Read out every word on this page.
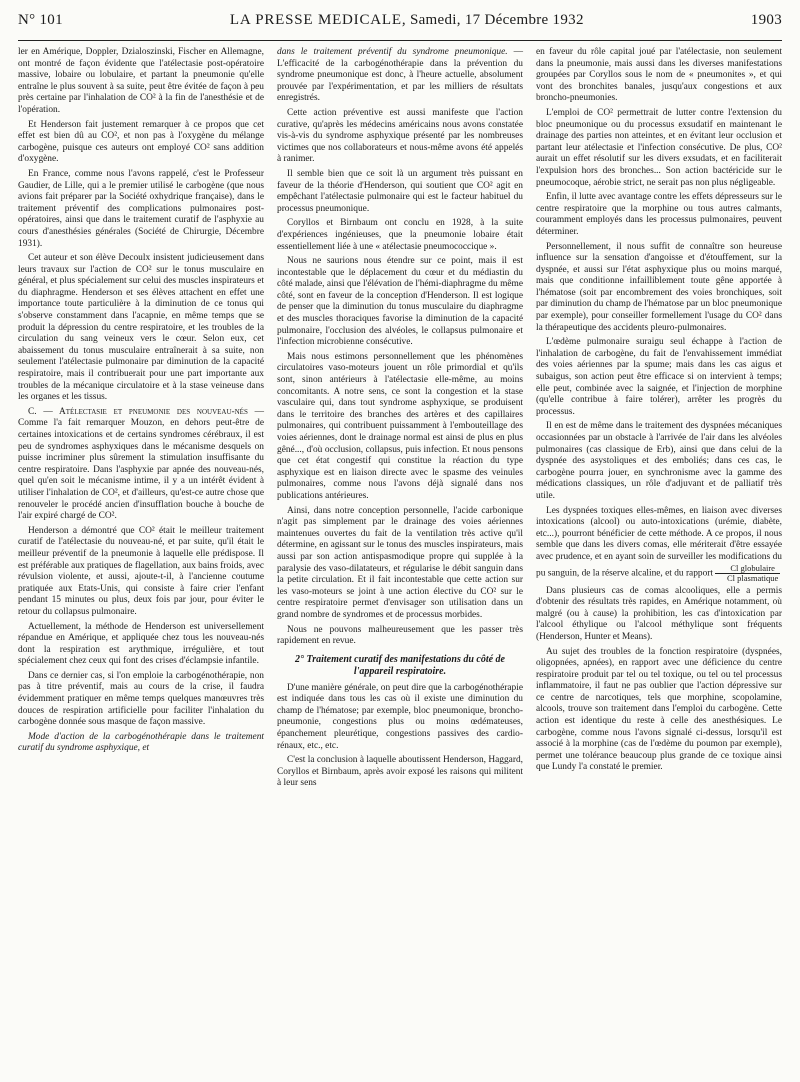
N° 101	LA PRESSE MEDICALE, Samedi, 17 Décembre 1932	1903

ler en Amérique, Doppler, Dzialoszinski, Fischer en Allemagne, ont montré de façon évidente que l'atélectasie post-opératoire massive, lobaire ou lobulaire, et partant la pneumonie qu'elle entraîne le plus souvent à sa suite, peut être évitée de façon à peu près certaine par l'inhalation de CO² à la fin de l'anesthésie et de l'opération.

Et Henderson fait justement remarquer à ce propos que cet effet est bien dû au CO², et non pas à l'oxygène du mélange carbogène, puisque ces auteurs ont employé CO² sans addition d'oxygène.

En France, comme nous l'avons rappelé, c'est le Professeur Gaudier, de Lille, qui a le premier utilisé le carbogène (que nous avions fait préparer par la Société oxhydrique française), dans le traitement préventif des complications pulmonaires post-opératoires, ainsi que dans le traitement curatif de l'asphyxie au cours d'anesthésies générales (Société de Chirurgie, Décembre 1931).

Cet auteur et son élève Decoulx insistent judicieusement dans leurs travaux sur l'action de CO² sur le tonus musculaire en général, et plus spécialement sur celui des muscles inspirateurs et du diaphragme. Henderson et ses élèves attachent en effet une importance toute particulière à la diminution de ce tonus qui s'observe constamment dans l'acapnie, en même temps que se produit la dépression du centre respiratoire, et les troubles de la circulation du sang veineux vers le cœur. Selon eux, cet abaissement du tonus musculaire entraînerait à sa suite, non seulement l'atélectasie pulmonaire par diminution de la capacité respiratoire, mais il contribuerait pour une part importante aux troubles de la mécanique circulatoire et à la stase veineuse dans les organes et les tissus.

C. — Atélectasie et pneumonie des nouveau-nés — Comme l'a fait remarquer Mouzon, en dehors peut-être de certaines intoxications et de certains syndromes cérébraux, il est peu de syndromes asphyxiques dans le mécanisme desquels on puisse incriminer plus sûrement la stimulation insuffisante du centre respiratoire. Dans l'asphyxie par apnée des nouveau-nés, quel qu'en soit le mécanisme intime, il y a un intérêt évident à utiliser l'inhalation de CO², et d'ailleurs, qu'est-ce autre chose que renouveler le procédé ancien d'insufflation bouche à bouche de l'air expiré chargé de CO².

Henderson a démontré que CO² était le meilleur traitement curatif de l'atélectasie du nouveau-né, et par suite, qu'il était le meilleur préventif de la pneumonie à laquelle elle prédispose. Il est préférable aux pratiques de flagellation, aux bains froids, avec révulsion violente, et aussi, ajoute-t-il, à l'ancienne coutume pratiquée aux Etats-Unis, qui consiste à faire crier l'enfant pendant 15 minutes ou plus, deux fois par jour, pour éviter le retour du collapsus pulmonaire.

Actuellement, la méthode de Henderson est universellement répandue en Amérique, et appliquée chez tous les nouveau-nés dont la respiration est arythmique, irrégulière, et tout spécialement chez ceux qui font des crises d'éclampsie infantile.

Dans ce dernier cas, si l'on emploie la carbogénothérapie, non pas à titre préventif, mais au cours de la crise, il faudra évidemment pratiquer en même temps quelques manœuvres très douces de respiration artificielle pour faciliter l'inhalation du carbogène donnée sous masque de façon massive.

Mode d'action de la carbogénothérapie dans le traitement curatif du syndrome asphyxique, et

dans le traitement préventif du syndrome pneumonique. — L'efficacité de la carbogénothérapie dans la prévention du syndrome pneumonique est donc, à l'heure actuelle, absolument prouvée par l'expérimentation, et par les milliers de résultats enregistrés.

Cette action préventive est aussi manifeste que l'action curative, qu'après les médecins américains nous avons constatée vis-à-vis du syndrome asphyxique présenté par les nombreuses victimes que nos collaborateurs et nous-même avons été appelés à ranimer.

Il semble bien que ce soit là un argument très puissant en faveur de la théorie d'Henderson, qui soutient que CO² agit en empêchant l'atélectasie pulmonaire qui est le facteur habituel du processus pneumonique.

Coryllos et Birnbaum ont conclu en 1928, à la suite d'expériences ingénieuses, que la pneumonie lobaire était essentiellement liée à une « atélectasie pneumococcique ».

Nous ne saurions nous étendre sur ce point, mais il est incontestable que le déplacement du cœur et du médiastin du côté malade, ainsi que l'élévation de l'hémi-diaphragme du même côté, sont en faveur de la conception d'Henderson. Il est logique de penser que la diminution du tonus musculaire du diaphragme et des muscles thoraciques favorise la diminution de la capacité pulmonaire, l'occlusion des alvéoles, le collapsus pulmonaire et l'infection microbienne consécutive.

Mais nous estimons personnellement que les phénomènes circulatoires vaso-moteurs jouent un rôle primordial et qu'ils sont, sinon antérieurs à l'atélectasie elle-même, au moins concomitants. A notre sens, ce sont la congestion et la stase vasculaire qui, dans tout syndrome asphyxique, se produisent dans le territoire des branches des artères et des capillaires pulmonaires, qui contribuent puissamment à l'embouteillage des voies aériennes, dont le drainage normal est ainsi de plus en plus gêné..., d'où occlusion, collapsus, puis infection. Et nous pensons que cet état congestif qui constitue la réaction du type asphyxique est en liaison directe avec le spasme des veinules pulmonaires, comme nous l'avons déjà signalé dans nos publications antérieures.

Ainsi, dans notre conception personnelle, l'acide carbonique n'agit pas simplement par le drainage des voies aériennes maintenues ouvertes du fait de la ventilation très active qu'il détermine, en agissant sur le tonus des muscles inspirateurs, mais aussi par son action antispasmodique propre qui supplée à la paralysie des vaso-dilatateurs, et régularise le débit sanguin dans la petite circulation. Et il fait incontestable que cette action sur les vaso-moteurs se joint à une action élective du CO² sur le centre respiratoire permet d'envisager son utilisation dans un grand nombre de syndromes et de processus morbides.

Nous ne pouvons malheureusement que les passer très rapidement en revue.

2° Traitement curatif des manifestations du côté de l'appareil respiratoire.

D'une manière générale, on peut dire que la carbogénothérapie est indiquée dans tous les cas où il existe une diminution du champ de l'hématose; par exemple, bloc pneumonique, broncho-pneumonie, congestions plus ou moins œdémateuses, épanchement pleurétique, congestions passives des cardio-rénaux, etc., etc.

C'est la conclusion à laquelle aboutissent Henderson, Haggard, Coryllos et Birnbaum, après avoir exposé les raisons qui militent à leur sens

en faveur du rôle capital joué par l'atélectasie, non seulement dans la pneumonie, mais aussi dans les diverses manifestations groupées par Coryllos sous le nom de « pneumonites », et qui vont des bronchites banales, jusqu'aux congestions et aux broncho-pneumonies.

L'emploi de CO² permettrait de lutter contre l'extension du bloc pneumonique ou du processus exsudatif en maintenant le drainage des parties non atteintes, et en évitant leur occlusion et partant leur atélectasie et l'infection consécutive. De plus, CO² aurait un effet résolutif sur les divers exsudats, et en faciliterait l'expulsion hors des bronches... Son action bactéricide sur le pneumocoque, aérobie strict, ne serait pas non plus négligeable.

Enfin, il lutte avec avantage contre les effets dépresseurs sur le centre respiratoire que la morphine ou tous autres calmants, couramment employés dans les processus pulmonaires, peuvent déterminer.

Personnellement, il nous suffit de connaître son heureuse influence sur la sensation d'angoisse et d'étouffement, sur la dyspnée, et aussi sur l'état asphyxique plus ou moins marqué, mais que conditionne infailliblement toute gêne apportée à l'hématose (soit par encombrement des voies bronchiques, soit par diminution du champ de l'hématose par un bloc pneumonique par exemple), pour conseiller formellement l'usage du CO² dans la thérapeutique des accidents pleuro-pulmonaires.

L'œdème pulmonaire suraigu seul échappe à l'action de l'inhalation de carbogène, du fait de l'envahissement immédiat des voies aériennes par la spume; mais dans les cas aigus et subaigus, son action peut être efficace si on intervient à temps; elle peut, combinée avec la saignée, et l'injection de morphine (qu'elle contribue à faire tolérer), arrêter les progrès du processus.

Il en est de même dans le traitement des dyspnées mécaniques occasionnées par un obstacle à l'arrivée de l'air dans les alvéoles pulmonaires (cas classique de Erb), ainsi que dans celui de la dyspnée des asystoliques et des emboliés; dans ces cas, le carbogène pourra jouer, en synchronisme avec la gamme des médications classiques, un rôle d'adjuvant et de palliatif très utile.

Les dyspnées toxiques elles-mêmes, en liaison avec diverses intoxications (alcool) ou auto-intoxications (urémie, diabète, etc...), pourront bénéficier de cette méthode. A ce propos, il nous semble que dans les divers comas, elle mériterait d'être essayée avec prudence, et en ayant soin de surveiller les modifications du pu sanguin, de la réserve alcaline, et du rapport $\frac{\text{Cl globulaire}}{\text{Cl plasmatique}}$

Dans plusieurs cas de comas alcooliques, elle a permis d'obtenir des résultats très rapides, en Amérique notamment, où malgré (ou à cause) la prohibition, les cas d'intoxication par l'alcool éthylique ou l'alcool méthylique sont fréquents (Henderson, Hunter et Means).

Au sujet des troubles de la fonction respiratoire (dyspnées, oligopnées, apnées), en rapport avec une déficience du centre respiratoire produit par tel ou tel toxique, ou tel ou tel processus inflammatoire, il faut ne pas oublier que l'action dépressive sur ce centre de narcotiques, tels que morphine, scopolamine, alcools, trouve son traitement dans l'emploi du carbogène. Cette action est identique du reste à celle des anesthésiques. Le carbogène, comme nous l'avons signalé ci-dessus, lorsqu'il est associé à la morphine (cas de l'œdème du poumon par exemple), permet une tolérance beaucoup plus grande de ce toxique ainsi que Lundy l'a constaté le premier.
